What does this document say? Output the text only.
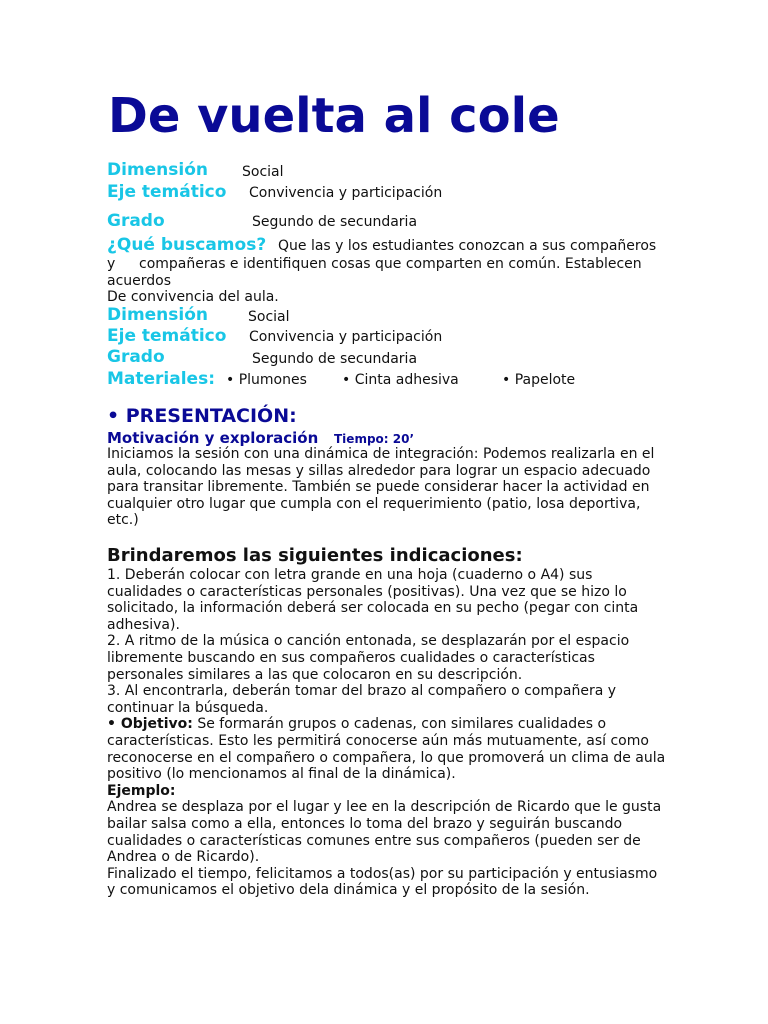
De vuelta al cole
Dimensión Social
Eje temático Convivencia y participación
Grado	Segundo de secundaria
¿Qué buscamos? Que las y los estudiantes conozcan a sus compañeros
y compañeras e identifiquen cosas que comparten en común. Establecen
acuerdos
De convivencia del aula.
Dimensión	Social
Eje temático Convivencia y participación
Grado	Segundo de secundaria
Materiales: • Plumones	• Cinta adhesiva	• Papelote
• PRESENTACIÓN:
Motivación y exploración Tiempo: 20’
Iniciamos la sesión con una dinámica de integración: Podemos realizarla en el
aula, colocando las mesas y sillas alrededor para lograr un espacio adecuado
para transitar libremente. También se puede considerar hacer la actividad en
cualquier otro lugar que cumpla con el requerimiento (patio, losa deportiva,
etc.)
Brindaremos las siguientes indicaciones:
1. Deberán colocar con letra grande en una hoja (cuaderno o A4) sus
cualidades o características personales (positivas). Una vez que se hizo lo
solicitado, la información deberá ser colocada en su pecho (pegar con cinta
adhesiva).
2. A ritmo de la música o canción entonada, se desplazarán por el espacio
libremente buscando en sus compañeros cualidades o características
personales similares a las que colocaron en su descripción.
3. Al encontrarla, deberán tomar del brazo al compañero o compañera y
continuar la búsqueda.
• Objetivo: Se formarán grupos o cadenas, con similares cualidades o
características. Esto les permitirá conocerse aún más mutuamente, así como
reconocerse en el compañero o compañera, lo que promoverá un clima de aula
positivo (lo mencionamos al final de la dinámica).
Ejemplo:
Andrea se desplaza por el lugar y lee en la descripción de Ricardo que le gusta
bailar salsa como a ella, entonces lo toma del brazo y seguirán buscando
cualidades o características comunes entre sus compañeros (pueden ser de
Andrea o de Ricardo).
Finalizado el tiempo, felicitamos a todos(as) por su participación y entusiasmo
y comunicamos el objetivo dela dinámica y el propósito de la sesión.
